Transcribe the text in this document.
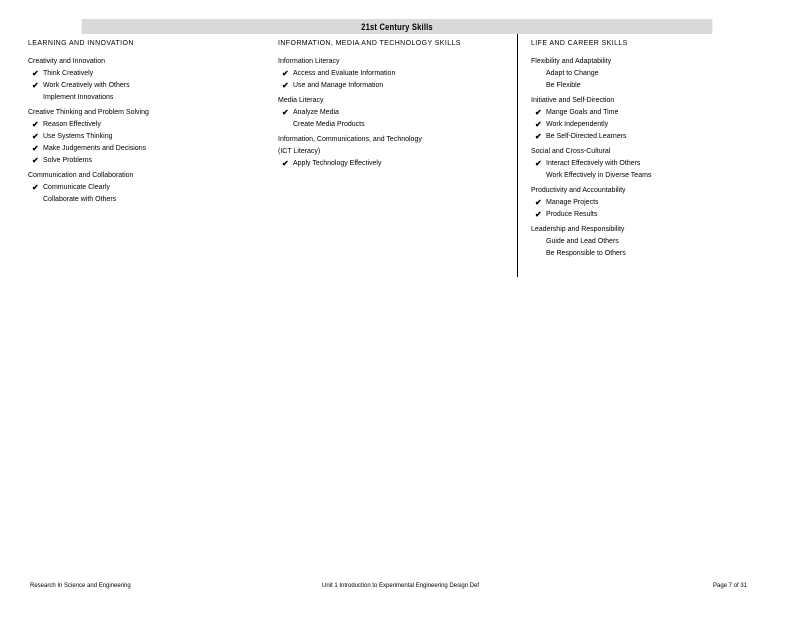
21st Century Skills
LEARNING AND INNOVATION
Creativity and Innovation
✔ Think Creatively
✔ Work Creatively with Others
Implement Innovations
Creative Thinking and Problem Solving
✔ Reason Effectively
✔ Use Systems Thinking
✔ Make Judgements and Decisions
✔ Solve Problems
Communication and Collaboration
✔ Communicate Clearly
Collaborate with Others
INFORMATION, MEDIA AND TECHNOLOGY SKILLS
Information Literacy
✔ Access and Evaluate Information
✔ Use and Manage Information
Media Literacy
✔ Analyze Media
Create Media Products
Information, Communications, and Technology
(ICT Literacy)
✔ Apply Technology Effectively
LIFE AND CAREER SKILLS
Flexibility and Adaptability
Adapt to Change
Be Flexible
Initiative and Self-Direction
✔ Mange Goals and Time
✔ Work Independently
✔ Be Self-Directed Learners
Social and Cross-Cultural
✔ Interact Effectively with Others
Work Effectively in Diverse Teams
Productivity and Accountability
✔ Manage Projects
✔ Produce Results
Leadership and Responsibility
Guide and Lead Others
Be Responsible to Others
Research In Science and Engineering	Unit 1 Introduction to Experimental Engineering Design Def	Page 7 of 31
